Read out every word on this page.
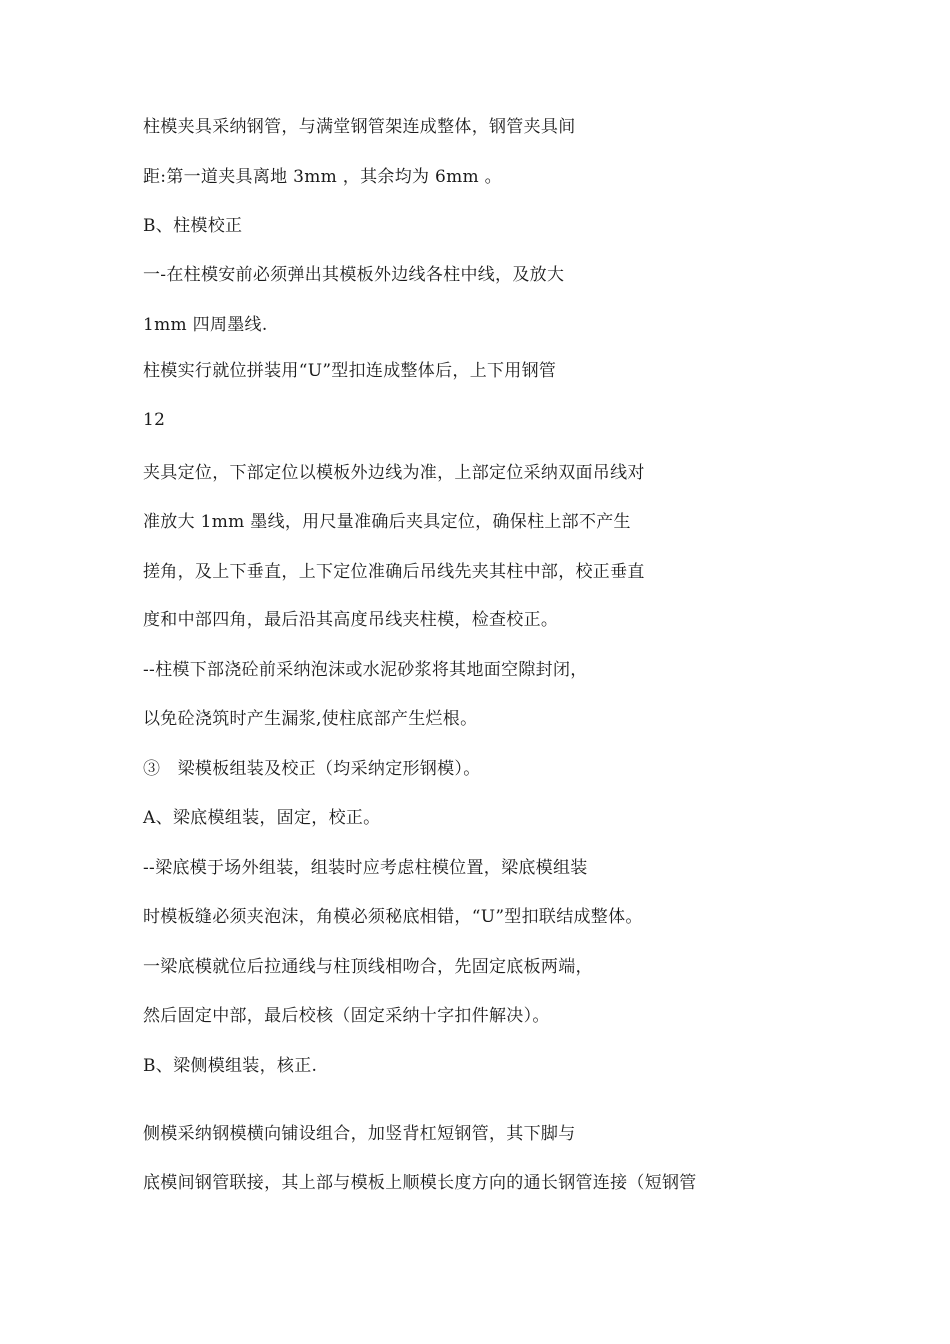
柱模夹具采纳钢管，与满堂钢管架连成整体，钢管夹具间

距:第一道夹具离地 3mm ，其余均为 6mm 。

B、柱模校正

一-在柱模安前必须弹出其模板外边线各柱中线，及放大

1mm 四周墨线.

柱模实行就位拼装用“U”型扣连成整体后，上下用钢管

12

夹具定位，下部定位以模板外边线为准，上部定位采纳双面吊线对

准放大 1mm 墨线，用尺量准确后夹具定位，确保柱上部不产生

搓角，及上下垂直，上下定位准确后吊线先夹其柱中部，校正垂直

度和中部四角，最后沿其高度吊线夹柱模，检查校正。

--柱模下部浇砼前采纳泡沫或水泥砂浆将其地面空隙封闭，

以免砼浇筑时产生漏浆,使柱底部产生烂根。

③　梁模板组装及校正（均采纳定形钢模）。

A、梁底模组装，固定，校正。

--梁底模于场外组装，组装时应考虑柱模位置，梁底模组装

时模板缝必须夹泡沫，角模必须秘底相错，“U”型扣联结成整体。

一梁底模就位后拉通线与柱顶线相吻合，先固定底板两端，

然后固定中部，最后校核（固定采纳十字扣件解决）。

B、梁侧模组装，核正.

侧模采纳钢模横向铺设组合，加竖背杠短钢管，其下脚与

底模间钢管联接，其上部与模板上顺模长度方向的通长钢管连接（短钢管
